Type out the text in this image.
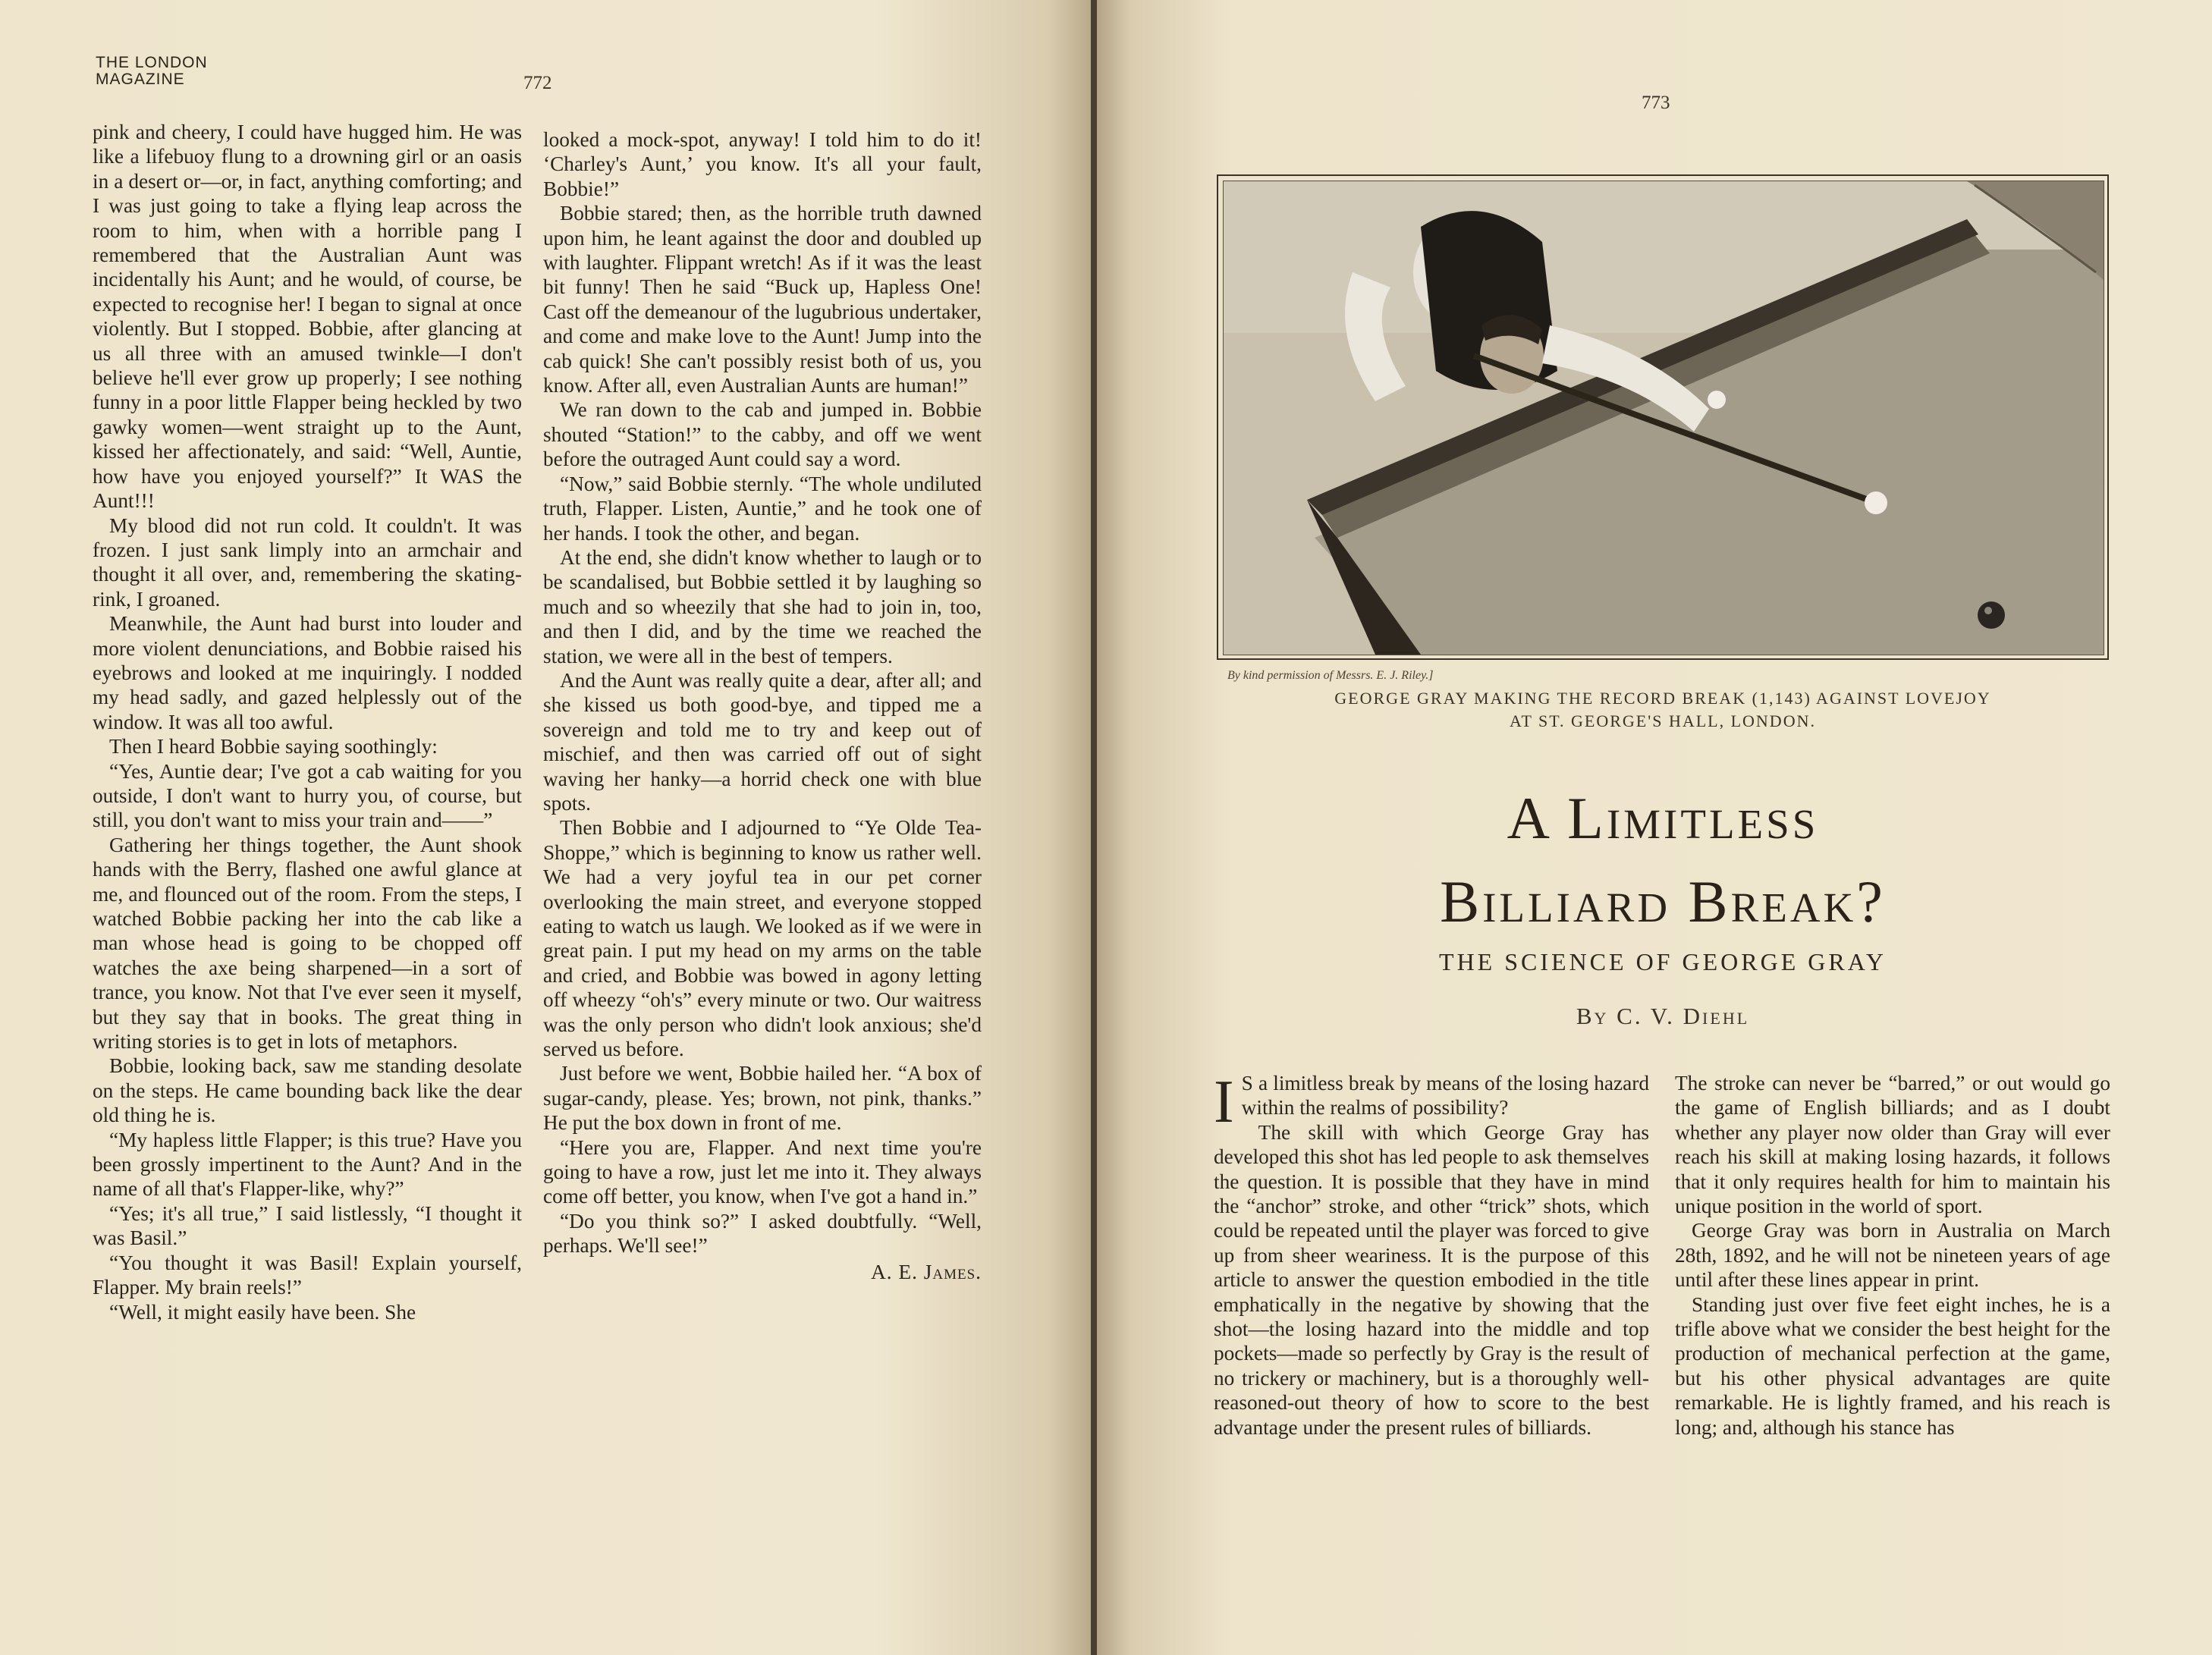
THE LONDON
MAGAZINE	772

pink and cheery, I could have hugged him. He was like a lifebuoy flung to a drowning girl or an oasis in a desert or—or, in fact, anything comforting; and I was just going to take a flying leap across the room to him, when with a horrible pang I remembered that the Australian Aunt was incidentally his Aunt; and he would, of course, be expected to recognise her! I began to signal at once violently. But I stopped. Bobbie, after glancing at us all three with an amused twinkle—I don't believe he'll ever grow up properly; I see nothing funny in a poor little Flapper being heckled by two gawky women—went straight up to the Aunt, kissed her affectionately, and said: “Well, Auntie, how have you enjoyed yourself?” It WAS the Aunt!!!

My blood did not run cold. It couldn't. It was frozen. I just sank limply into an armchair and thought it all over, and, remembering the skating-rink, I groaned.

Meanwhile, the Aunt had burst into louder and more violent denunciations, and Bobbie raised his eyebrows and looked at me inquiringly. I nodded my head sadly, and gazed helplessly out of the window. It was all too awful.

Then I heard Bobbie saying soothingly:

“Yes, Auntie dear; I've got a cab waiting for you outside, I don't want to hurry you, of course, but still, you don't want to miss your train and——”

Gathering her things together, the Aunt shook hands with the Berry, flashed one awful glance at me, and flounced out of the room. From the steps, I watched Bobbie packing her into the cab like a man whose head is going to be chopped off watches the axe being sharpened—in a sort of trance, you know. Not that I've ever seen it myself, but they say that in books. The great thing in writing stories is to get in lots of metaphors.

Bobbie, looking back, saw me standing desolate on the steps. He came bounding back like the dear old thing he is.

“My hapless little Flapper; is this true? Have you been grossly impertinent to the Aunt? And in the name of all that's Flapper-like, why?”

“Yes; it's all true,” I said listlessly, “I thought it was Basil.”

“You thought it was Basil! Explain yourself, Flapper. My brain reels!”

“Well, it might easily have been. She

looked a mock-spot, anyway! I told him to do it! ‘Charley's Aunt,’ you know. It's all your fault, Bobbie!”

Bobbie stared; then, as the horrible truth dawned upon him, he leant against the door and doubled up with laughter. Flippant wretch! As if it was the least bit funny! Then he said “Buck up, Hapless One! Cast off the demeanour of the lugubrious undertaker, and come and make love to the Aunt! Jump into the cab quick! She can't possibly resist both of us, you know. After all, even Australian Aunts are human!”

We ran down to the cab and jumped in. Bobbie shouted “Station!” to the cabby, and off we went before the outraged Aunt could say a word.

“Now,” said Bobbie sternly. “The whole undiluted truth, Flapper. Listen, Auntie,” and he took one of her hands. I took the other, and began.

At the end, she didn't know whether to laugh or to be scandalised, but Bobbie settled it by laughing so much and so wheezily that she had to join in, too, and then I did, and by the time we reached the station, we were all in the best of tempers.

And the Aunt was really quite a dear, after all; and she kissed us both good-bye, and tipped me a sovereign and told me to try and keep out of mischief, and then was carried off out of sight waving her hanky—a horrid check one with blue spots.

Then Bobbie and I adjourned to “Ye Olde Tea-Shoppe,” which is beginning to know us rather well. We had a very joyful tea in our pet corner overlooking the main street, and everyone stopped eating to watch us laugh. We looked as if we were in great pain. I put my head on my arms on the table and cried, and Bobbie was bowed in agony letting off wheezy “oh's” every minute or two. Our waitress was the only person who didn't look anxious; she'd served us before.

Just before we went, Bobbie hailed her. “A box of sugar-candy, please. Yes; brown, not pink, thanks.” He put the box down in front of me.

“Here you are, Flapper. And next time you're going to have a row, just let me into it. They always come off better, you know, when I've got a hand in.”

“Do you think so?” I asked doubtfully. “Well, perhaps. We'll see!”

A. E. James.
773
By kind permission of Messrs. E. J. Riley.]
GEORGE GRAY MAKING THE RECORD BREAK (1,143) AGAINST LOVEJOY
AT ST. GEORGE'S HALL, LONDON.
A Limitless
Billiard Break?
THE SCIENCE OF GEORGE GRAY
By C. V. Diehl

I S a limitless break by means of the losing hazard within the realms of possibility?

The skill with which George Gray has developed this shot has led people to ask themselves the question. It is possible that they have in mind the “anchor” stroke, and other “trick” shots, which could be repeated until the player was forced to give up from sheer weariness. It is the purpose of this article to answer the question embodied in the title emphatically in the negative by showing that the shot—the losing hazard into the middle and top pockets—made so perfectly by Gray is the result of no trickery or machinery, but is a thoroughly well-reasoned-out theory of how to score to the best advantage under the present rules of billiards.

The stroke can never be “barred,” or out would go the game of English billiards; and as I doubt whether any player now older than Gray will ever reach his skill at making losing hazards, it follows that it only requires health for him to maintain his unique position in the world of sport.

George Gray was born in Australia on March 28th, 1892, and he will not be nineteen years of age until after these lines appear in print.

Standing just over five feet eight inches, he is a trifle above what we consider the best height for the production of mechanical perfection at the game, but his other physical advantages are quite remarkable. He is lightly framed, and his reach is long; and, although his stance has
